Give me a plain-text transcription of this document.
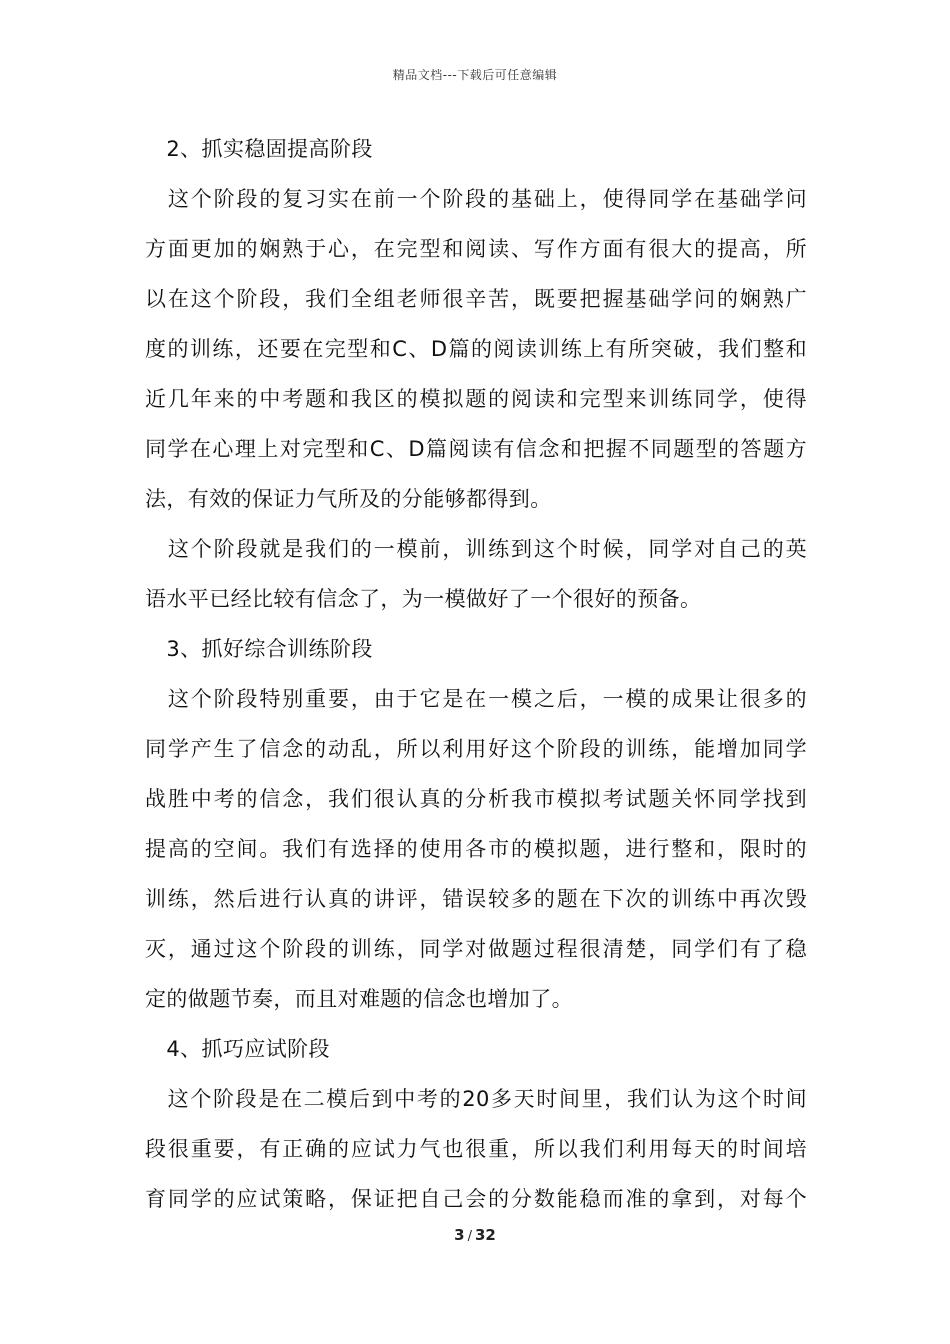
精品文档---下载后可任意编辑
　2、抓实稳固提高阶段
　这个阶段的复习实在前一个阶段的基础上，使得同学在基础学问
方面更加的娴熟于心，在完型和阅读、写作方面有很大的提高，所
以在这个阶段，我们全组老师很辛苦，既要把握基础学问的娴熟广
度的训练，还要在完型和C、D篇的阅读训练上有所突破，我们整和
近几年来的中考题和我区的模拟题的阅读和完型来训练同学，使得
同学在心理上对完型和C、D篇阅读有信念和把握不同题型的答题方
法，有效的保证力气所及的分能够都得到。
　这个阶段就是我们的一模前，训练到这个时候，同学对自己的英
语水平已经比较有信念了，为一模做好了一个很好的预备。
　3、抓好综合训练阶段
　这个阶段特别重要，由于它是在一模之后，一模的成果让很多的
同学产生了信念的动乱，所以利用好这个阶段的训练，能增加同学
战胜中考的信念，我们很认真的分析我市模拟考试题关怀同学找到
提高的空间。我们有选择的使用各市的模拟题，进行整和，限时的
训练，然后进行认真的讲评，错误较多的题在下次的训练中再次毁
灭，通过这个阶段的训练，同学对做题过程很清楚，同学们有了稳
定的做题节奏，而且对难题的信念也增加了。
　4、抓巧应试阶段
　这个阶段是在二模后到中考的20多天时间里，我们认为这个时间
段很重要，有正确的应试力气也很重，所以我们利用每天的时间培
育同学的应试策略，保证把自己会的分数能稳而准的拿到，对每个
3 / 32
